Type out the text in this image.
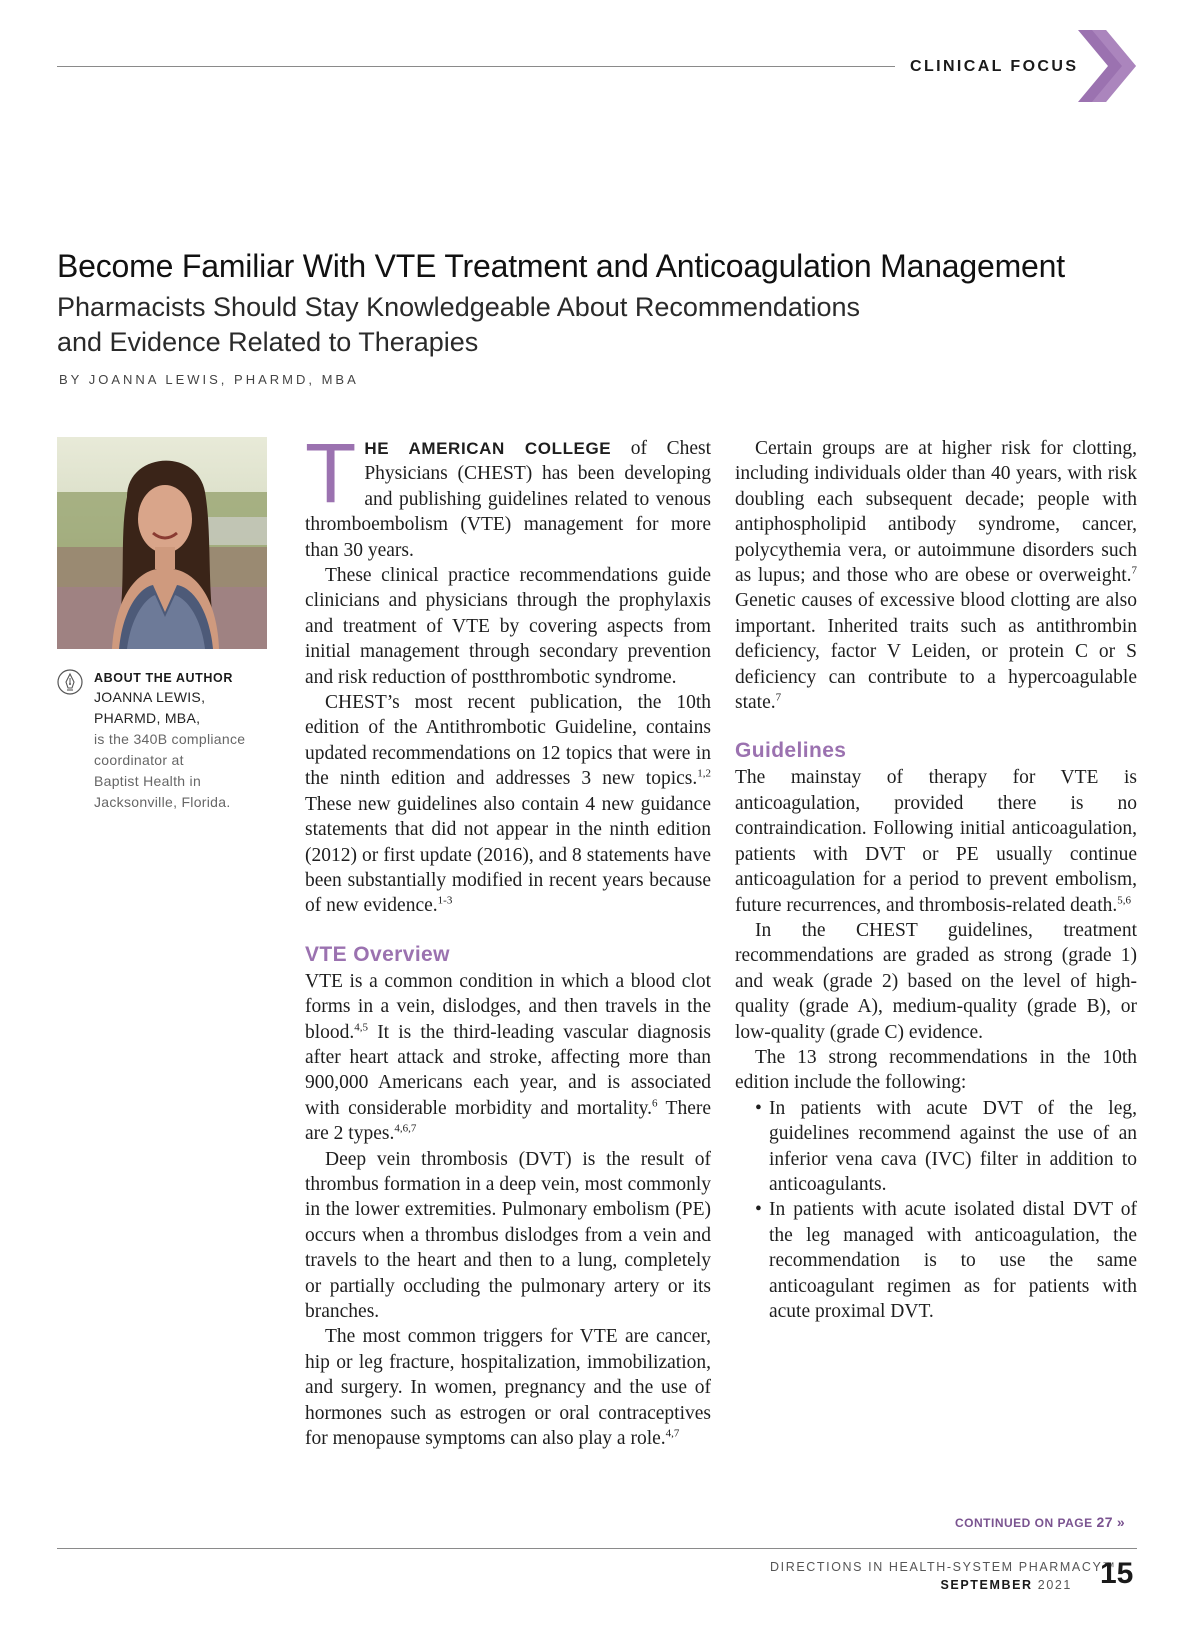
CLINICAL FOCUS
Become Familiar With VTE Treatment and Anticoagulation Management
Pharmacists Should Stay Knowledgeable About Recommendations
and Evidence Related to Therapies
BY JOANNA LEWIS, PHARMD, MBA
ABOUT THE AUTHOR
JOANNA LEWIS,
PHARMD, MBA,
is the 340B compliance
coordinator at
Baptist Health in
Jacksonville, Florida.

THE AMERICAN COLLEGE of Chest Physicians (CHEST) has been developing and publishing guidelines related to venous thromboembolism (VTE) management for more than 30 years.

These clinical practice recommendations guide clinicians and physicians through the prophylaxis and treatment of VTE by covering aspects from initial management through secondary prevention and risk reduction of postthrombotic syndrome.

CHEST’s most recent publication, the 10th edition of the Antithrombotic Guideline, contains updated recommendations on 12 topics that were in the ninth edition and addresses 3 new topics.$^{1,2}$ These new guidelines also contain 4 new guidance statements that did not appear in the ninth edition (2012) or first update (2016), and 8 statements have been substantially modified in recent years because of new evidence.$^{1-3}$

VTE Overview

VTE is a common condition in which a blood clot forms in a vein, dislodges, and then travels in the blood.$^{4,5}$ It is the third-leading vascular diagnosis after heart attack and stroke, affecting more than 900,000 Americans each year, and is associated with considerable morbidity and mortality.$^6$ There are 2 types.$^{4,6,7}$

Deep vein thrombosis (DVT) is the result of thrombus formation in a deep vein, most commonly in the lower extremities. Pulmonary embolism (PE) occurs when a thrombus dislodges from a vein and travels to the heart and then to a lung, completely or partially occluding the pulmonary artery or its branches.

The most common triggers for VTE are cancer, hip or leg fracture, hospitalization, immobilization, and surgery. In women, pregnancy and the use of hormones such as estrogen or oral contraceptives for menopause symptoms can also play a role.$^{4,7}$

Certain groups are at higher risk for clotting, including individuals older than 40 years, with risk doubling each subsequent decade; people with antiphospholipid antibody syndrome, cancer, polycythemia vera, or autoimmune disorders such as lupus; and those who are obese or overweight.$^7$ Genetic causes of excessive blood clotting are also important. Inherited traits such as antithrombin deficiency, factor V Leiden, or protein C or S deficiency can contribute to a hypercoagulable state.$^7$

Guidelines

The mainstay of therapy for VTE is anticoagulation, provided there is no contraindication. Following initial anticoagulation, patients with DVT or PE usually continue anticoagulation for a period to prevent embolism, future recurrences, and thrombosis-related death.$^{5,6}$

In the CHEST guidelines, treatment recommendations are graded as strong (grade 1) and weak (grade 2) based on the level of high-quality (grade A), medium-quality (grade B), or low-quality (grade C) evidence.

The 13 strong recommendations in the 10th edition include the following:

• In patients with acute DVT of the leg, guidelines recommend against the use of an inferior vena cava (IVC) filter in addition to anticoagulants.
• In patients with acute isolated distal DVT of the leg managed with anticoagulation, the recommendation is to use the same anticoagulant regimen as for patients with acute proximal DVT.
CONTINUED ON PAGE 27 »
DIRECTIONS IN HEALTH-SYSTEM PHARMACY™
SEPTEMBER 2021 15
